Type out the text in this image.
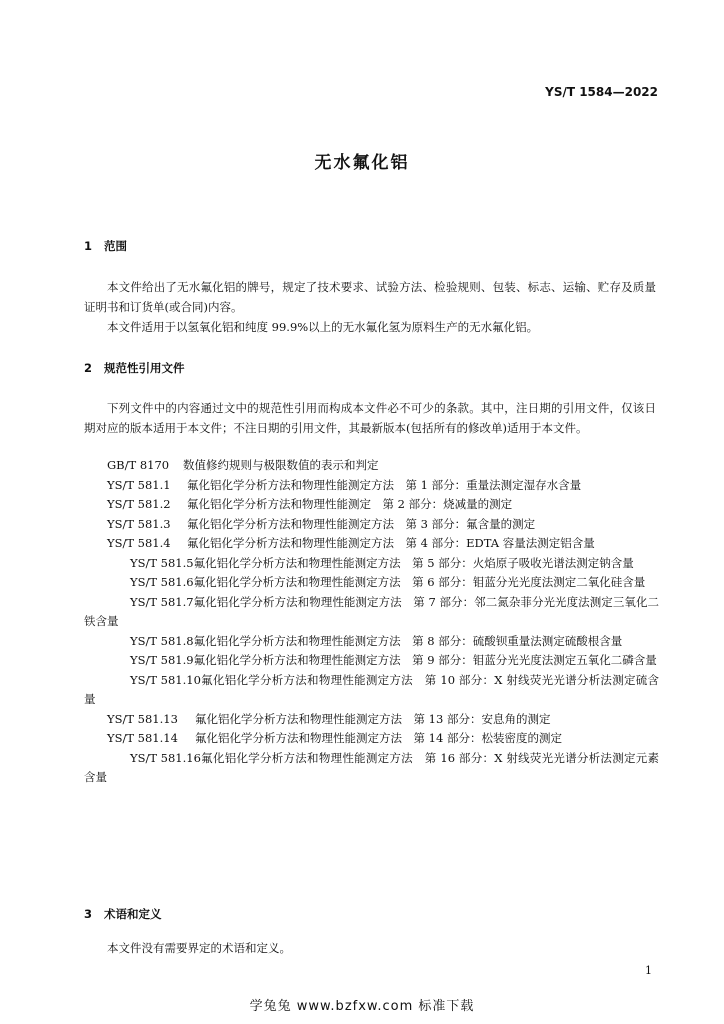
YS/T 1584—2022
无水氟化铝
1 范围
本文件给出了无水氟化铝的牌号，规定了技术要求、试验方法、检验规则、包装、标志、运输、贮存及质量证明书和订货单(或合同)内容。
本文件适用于以氢氧化铝和纯度 99.9%以上的无水氟化氢为原料生产的无水氟化铝。
2 规范性引用文件
下列文件中的内容通过文中的规范性引用而构成本文件必不可少的条款。其中，注日期的引用文件，仅该日期对应的版本适用于本文件；不注日期的引用文件，其最新版本(包括所有的修改单)适用于本文件。
GB/T 8170 数值修约规则与极限数值的表示和判定
YS/T 581.1 氟化铝化学分析方法和物理性能测定方法　第 1 部分：重量法测定湿存水含量
YS/T 581.2 氟化铝化学分析方法和物理性能测定　第 2 部分：烧减量的测定
YS/T 581.3 氟化铝化学分析方法和物理性能测定方法　第 3 部分：氟含量的测定
YS/T 581.4 氟化铝化学分析方法和物理性能测定方法　第 4 部分：EDTA 容量法测定铝含量
YS/T 581.5氟化铝化学分析方法和物理性能测定方法　第 5 部分：火焰原子吸收光谱法测定钠含量
YS/T 581.6氟化铝化学分析方法和物理性能测定方法　第 6 部分：钼蓝分光光度法测定二氧化硅含量
YS/T 581.7氟化铝化学分析方法和物理性能测定方法　第 7 部分：邻二氮杂菲分光光度法测定三氧化二铁含量
YS/T 581.8氟化铝化学分析方法和物理性能测定方法　第 8 部分：硫酸钡重量法测定硫酸根含量
YS/T 581.9氟化铝化学分析方法和物理性能测定方法　第 9 部分：钼蓝分光光度法测定五氧化二磷含量
YS/T 581.10氟化铝化学分析方法和物理性能测定方法　第 10 部分：X 射线荧光光谱分析法测定硫含量
YS/T 581.13 氟化铝化学分析方法和物理性能测定方法　第 13 部分：安息角的测定
YS/T 581.14 氟化铝化学分析方法和物理性能测定方法　第 14 部分：松装密度的测定
YS/T 581.16氟化铝化学分析方法和物理性能测定方法　第 16 部分：X 射线荧光光谱分析法测定元素含量
3 术语和定义
本文件没有需要界定的术语和定义。
1
学兔兔 www.bzfxw.com 标准下载
